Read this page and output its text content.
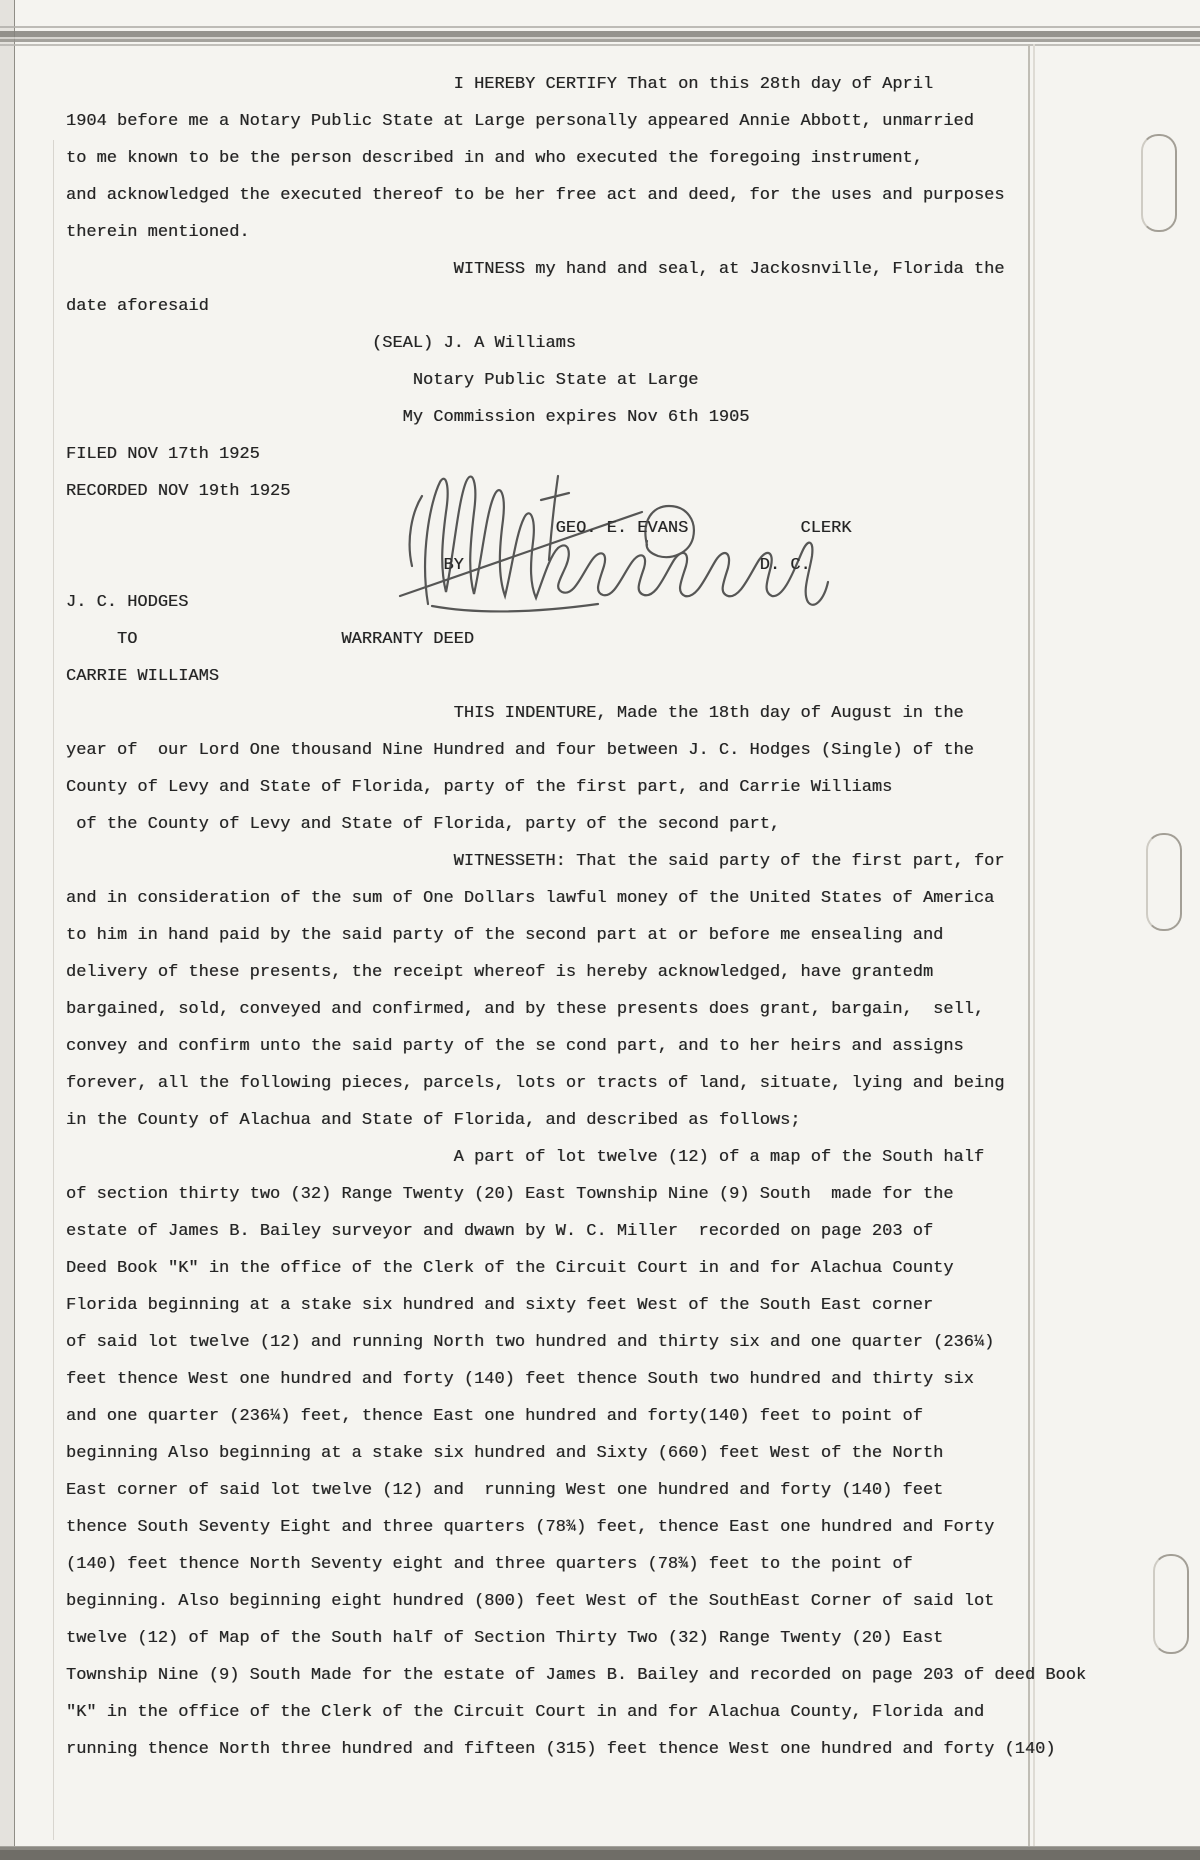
I HEREBY CERTIFY That on this 28th day of April
1904 before me a Notary Public State at Large personally appeared Annie Abbott, unmarried
to me known to be the person described in and who executed the foregoing instrument,
and acknowledged the executed thereof to be her free act and deed, for the uses and purposes
therein mentioned.
WITNESS my hand and seal, at Jackosnville, Florida the
date aforesaid
(SEAL) J. A Williams
Notary Public State at Large
My Commission expires Nov 6th 1905
FILED NOV 17th 1925
RECORDED NOV 19th 1925
GEO. E. EVANS           CLERK
BY                             D. C.
J. C. HODGES
TO                    WARRANTY DEED
CARRIE WILLIAMS
THIS INDENTURE, Made the 18th day of August in the
year of  our Lord One thousand Nine Hundred and four between J. C. Hodges (Single) of the
County of Levy and State of Florida, party of the first part, and Carrie Williams
of the County of Levy and State of Florida, party of the second part,
WITNESSETH: That the said party of the first part, for
and in consideration of the sum of One Dollars lawful money of the United States of America
to him in hand paid by the said party of the second part at or before me ensealing and
delivery of these presents, the receipt whereof is hereby acknowledged, have grantedm
bargained, sold, conveyed and confirmed, and by these presents does grant, bargain,  sell,
convey and confirm unto the said party of the se cond part, and to her heirs and assigns
forever, all the following pieces, parcels, lots or tracts of land, situate, lying and being
in the County of Alachua and State of Florida, and described as follows;
A part of lot twelve (12) of a map of the South half
of section thirty two (32) Range Twenty (20) East Township Nine (9) South  made for the
estate of James B. Bailey surveyor and dwawn by W. C. Miller  recorded on page 203 of
Deed Book "K" in the office of the Clerk of the Circuit Court in and for Alachua County
Florida beginning at a stake six hundred and sixty feet West of the South East corner
of said lot twelve (12) and running North two hundred and thirty six and one quarter (236¼)
feet thence West one hundred and forty (140) feet thence South two hundred and thirty six
and one quarter (236¼) feet, thence East one hundred and forty(140) feet to point of
beginning Also beginning at a stake six hundred and Sixty (660) feet West of the North
East corner of said lot twelve (12) and  running West one hundred and forty (140) feet
thence South Seventy Eight and three quarters (78¾) feet, thence East one hundred and Forty
(140) feet thence North Seventy eight and three quarters (78¾) feet to the point of
beginning. Also beginning eight hundred (800) feet West of the SouthEast Corner of said lot
twelve (12) of Map of the South half of Section Thirty Two (32) Range Twenty (20) East
Township Nine (9) South Made for the estate of James B. Bailey and recorded on page 203 of deed Book
"K" in the office of the Clerk of the Circuit Court in and for Alachua County, Florida and
running thence North three hundred and fifteen (315) feet thence West one hundred and forty (140)
